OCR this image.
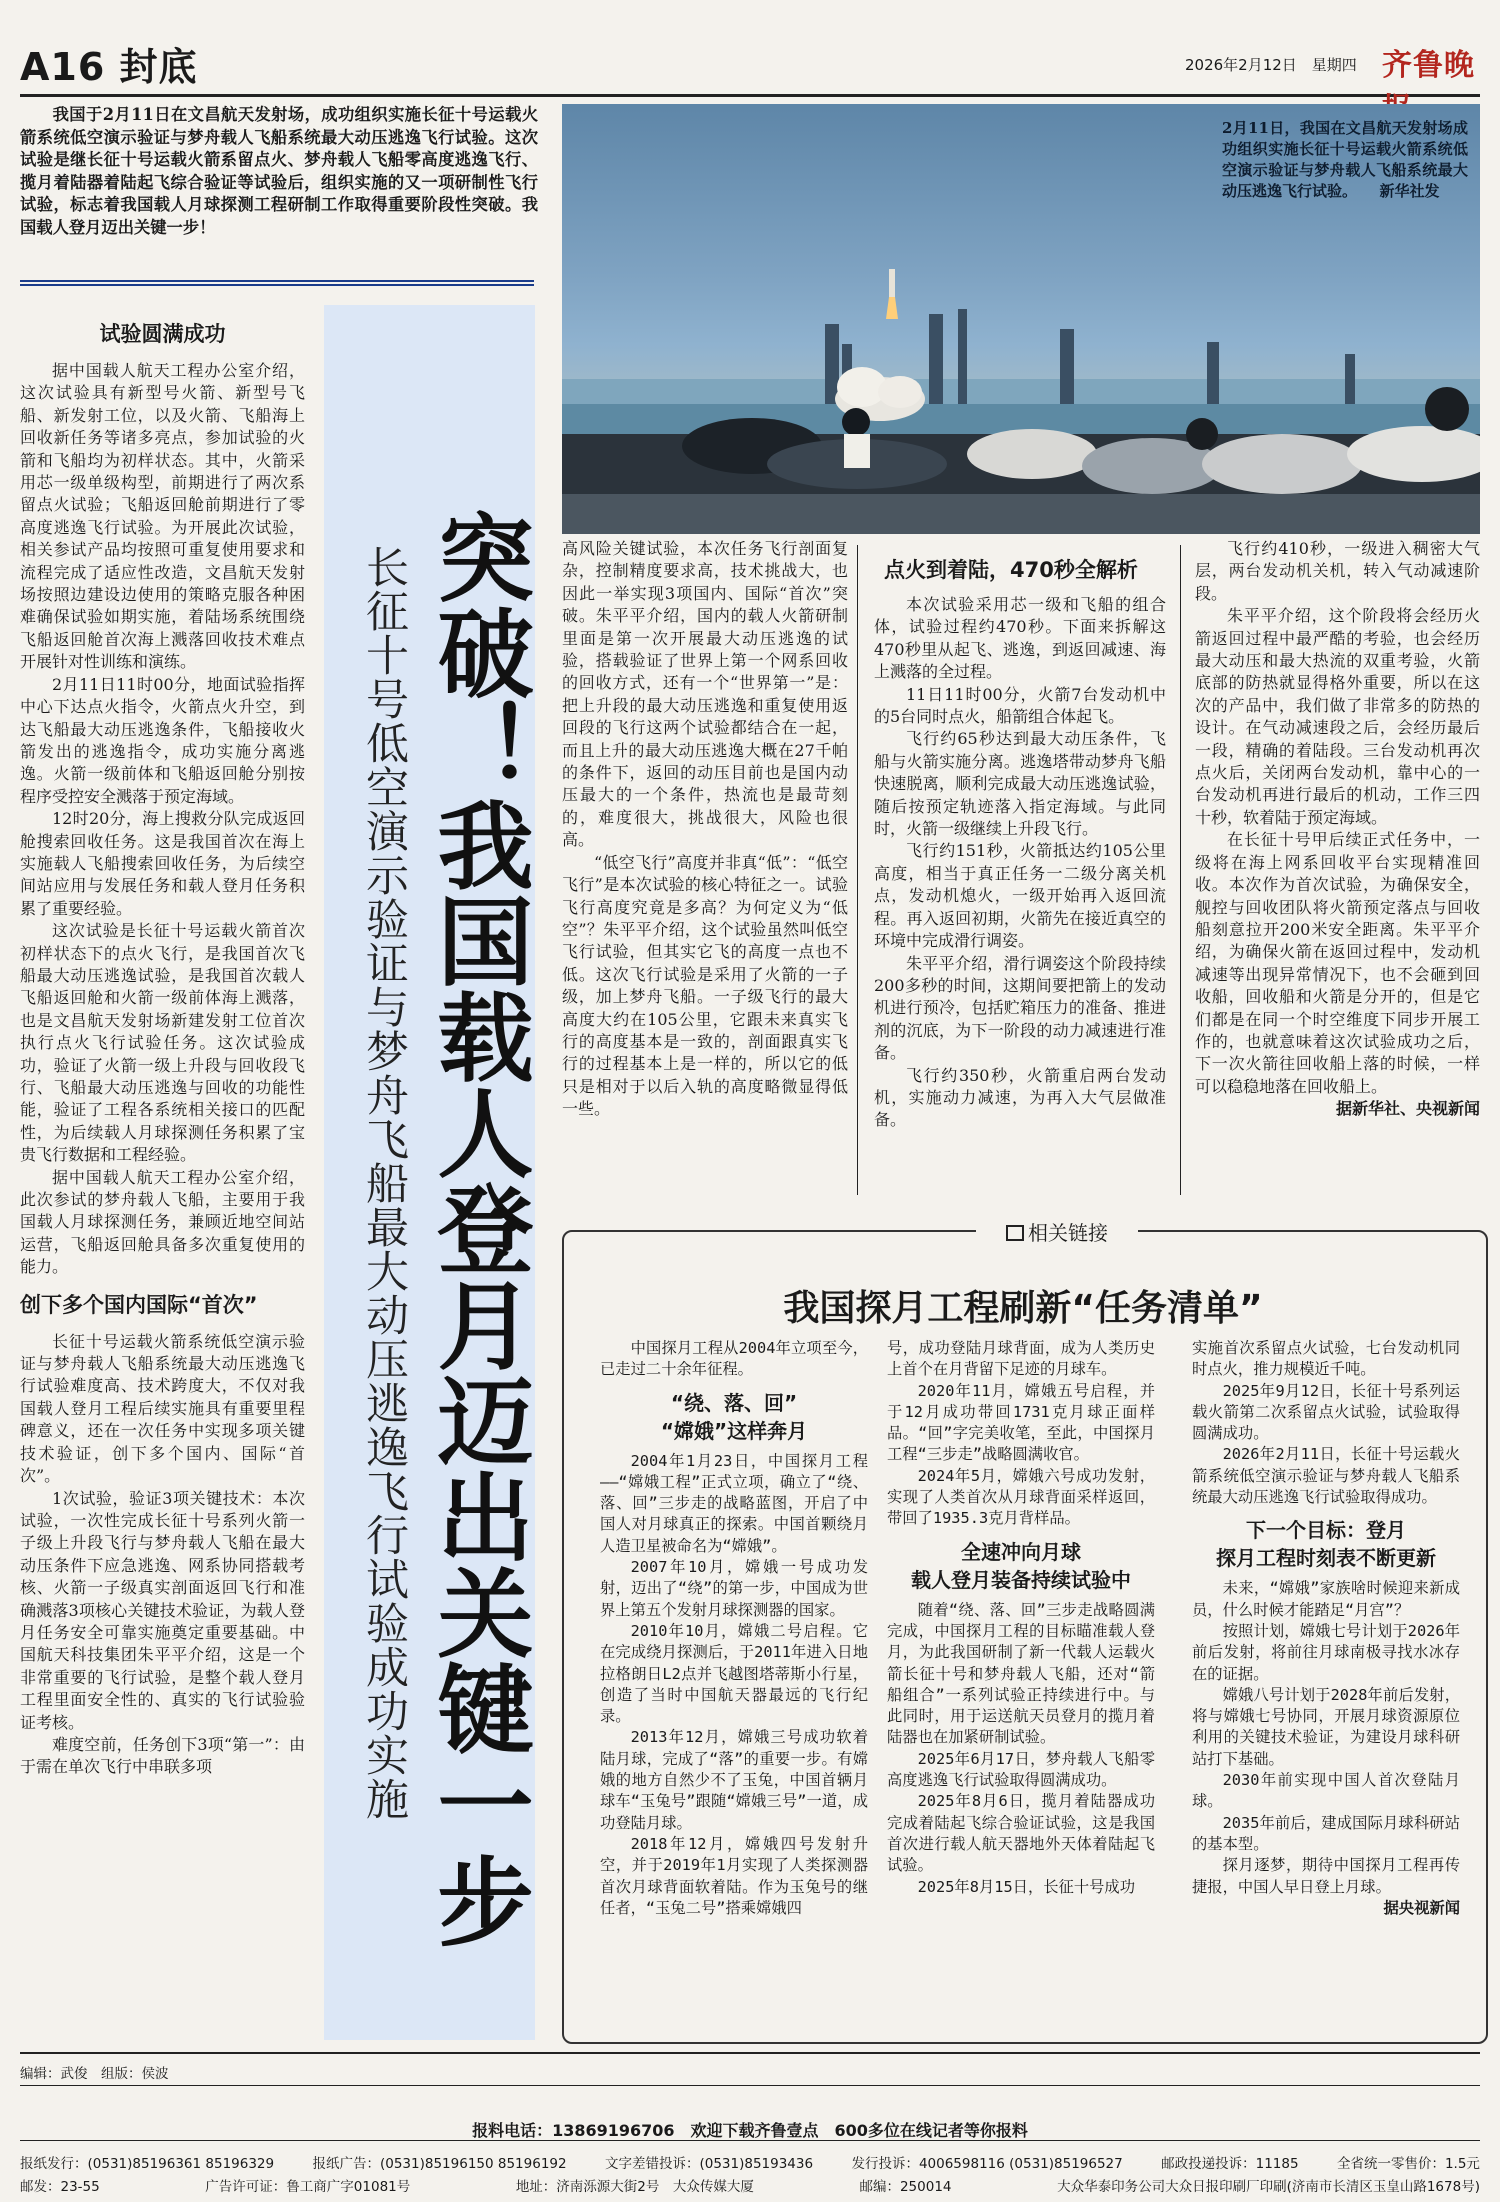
A16 封底	2026年2月12日　星期四 齐鲁晚
我国于2月11日在文昌航天发射场，成功组织实施长征十号运载火箭系统低空演示验证与梦舟载人飞船系统最大动压逃逸飞行试验。这次试验是继长征十号运载火箭系留点火、梦舟载人飞船零高度逃逸飞行、揽月着陆器着陆起飞综合验证等试验后，组织实施的又一项研制性飞行试验，标志着我国载人月球探测工程研制工作取得重要阶段性突破。我国载人登月迈出关键一步！
2月11日，我国在文昌航天发射场成功组织实施长征十号运载火箭系统低空演示验证与梦舟载人飞船系统最大动压逃逸飞行试验。　　新华社发
突破！我国载人登月迈出关键一步
长征十号低空演示验证与梦舟飞船最大动压逃逸飞行试验成功实施
试验圆满成功

据中国载人航天工程办公室介绍，这次试验具有新型号火箭、新型号飞船、新发射工位，以及火箭、飞船海上回收新任务等诸多亮点，参加试验的火箭和飞船均为初样状态。其中，火箭采用芯一级单级构型，前期进行了两次系留点火试验；飞船返回舱前期进行了零高度逃逸飞行试验。为开展此次试验，相关参试产品均按照可重复使用要求和流程完成了适应性改造，文昌航天发射场按照边建设边使用的策略克服各种困难确保试验如期实施，着陆场系统围绕飞船返回舱首次海上溅落回收技术难点开展针对性训练和演练。

2月11日11时00分，地面试验指挥中心下达点火指令，火箭点火升空，到达飞船最大动压逃逸条件，飞船接收火箭发出的逃逸指令，成功实施分离逃逸。火箭一级前体和飞船返回舱分别按程序受控安全溅落于预定海域。

12时20分，海上搜救分队完成返回舱搜索回收任务。这是我国首次在海上实施载人飞船搜索回收任务，为后续空间站应用与发展任务和载人登月任务积累了重要经验。

这次试验是长征十号运载火箭首次初样状态下的点火飞行，是我国首次飞船最大动压逃逸试验，是我国首次载人飞船返回舱和火箭一级前体海上溅落，也是文昌航天发射场新建发射工位首次执行点火飞行试验任务。这次试验成功，验证了火箭一级上升段与回收段飞行、飞船最大动压逃逸与回收的功能性能，验证了工程各系统相关接口的匹配性，为后续载人月球探测任务积累了宝贵飞行数据和工程经验。

据中国载人航天工程办公室介绍，此次参试的梦舟载人飞船，主要用于我国载人月球探测任务，兼顾近地空间站运营，飞船返回舱具备多次重复使用的能力。

创下多个国内国际“首次”

长征十号运载火箭系统低空演示验证与梦舟载人飞船系统最大动压逃逸飞行试验难度高、技术跨度大，不仅对我国载人登月工程后续实施具有重要里程碑意义，还在一次任务中实现多项关键技术验证，创下多个国内、国际“首次”。

1次试验，验证3项关键技术：本次试验，一次性完成长征十号系列火箭一子级上升段飞行与梦舟载人飞船在最大动压条件下应急逃逸、网系协同搭载考核、火箭一子级真实剖面返回飞行和准确溅落3项核心关键技术验证，为载人登月任务安全可靠实施奠定重要基础。中国航天科技集团朱平平介绍，这是一个非常重要的飞行试验，是整个载人登月工程里面安全性的、真实的飞行试验验证考核。

难度空前，任务创下3项“第一”：由于需在单次飞行中串联多项

高风险关键试验，本次任务飞行剖面复杂，控制精度要求高，技术挑战大，也因此一举实现3项国内、国际“首次”突破。朱平平介绍，国内的载人火箭研制里面是第一次开展最大动压逃逸的试验，搭载验证了世界上第一个网系回收的回收方式，还有一个“世界第一”是：把上升段的最大动压逃逸和重复使用返回段的飞行这两个试验都结合在一起，而且上升的最大动压逃逸大概在27千帕的条件下，返回的动压目前也是国内动压最大的一个条件，热流也是最苛刻的，难度很大，挑战很大，风险也很高。

“低空飞行”高度并非真“低”：“低空飞行”是本次试验的核心特征之一。试验飞行高度究竟是多高？为何定义为“低空”？朱平平介绍，这个试验虽然叫低空飞行试验，但其实它飞的高度一点也不低。这次飞行试验是采用了火箭的一子级，加上梦舟飞船。一子级飞行的最大高度大约在105公里，它跟未来真实飞行的高度基本是一致的，剖面跟真实飞行的过程基本上是一样的，所以它的低只是相对于以后入轨的高度略微显得低一些。

点火到着陆，470秒全解析

本次试验采用芯一级和飞船的组合体，试验过程约470秒。下面来拆解这470秒里从起飞、逃逸，到返回减速、海上溅落的全过程。

11日11时00分，火箭7台发动机中的5台同时点火，船箭组合体起飞。

飞行约65秒达到最大动压条件，飞船与火箭实施分离。逃逸塔带动梦舟飞船快速脱离，顺利完成最大动压逃逸试验，随后按预定轨迹落入指定海域。与此同时，火箭一级继续上升段飞行。

飞行约151秒，火箭抵达约105公里高度，相当于真正任务一二级分离关机点，发动机熄火，一级开始再入返回流程。再入返回初期，火箭先在接近真空的环境中完成滑行调姿。

朱平平介绍，滑行调姿这个阶段持续200多秒的时间，这期间要把箭上的发动机进行预冷，包括贮箱压力的准备、推进剂的沉底，为下一阶段的动力减速进行准备。

飞行约350秒，火箭重启两台发动机，实施动力减速，为再入大气层做准备。

飞行约410秒，一级进入稠密大气层，两台发动机关机，转入气动减速阶段。

朱平平介绍，这个阶段将会经历火箭返回过程中最严酷的考验，也会经历最大动压和最大热流的双重考验，火箭底部的防热就显得格外重要，所以在这次的产品中，我们做了非常多的防热的设计。在气动减速段之后，会经历最后一段，精确的着陆段。三台发动机再次点火后，关闭两台发动机，靠中心的一台发动机再进行最后的机动，工作三四十秒，软着陆于预定海域。

在长征十号甲后续正式任务中，一级将在海上网系回收平台实现精准回收。本次作为首次试验，为确保安全，舰控与回收团队将火箭预定落点与回收船刻意拉开200米安全距离。朱平平介绍，为确保火箭在返回过程中，发动机减速等出现异常情况下，也不会砸到回收船，回收船和火箭是分开的，但是它们都是在同一个时空维度下同步开展工作的，也就意味着这次试验成功之后，下一次火箭往回收船上落的时候，一样可以稳稳地落在回收船上。

据新华社、央视新闻
相关链接
我国探月工程刷新“任务清单”

中国探月工程从2004年立项至今，已走过二十余年征程。

“绕、落、回”
“嫦娥”这样奔月

2004年1月23日，中国探月工程——“嫦娥工程”正式立项，确立了“绕、落、回”三步走的战略蓝图，开启了中国人对月球真正的探索。中国首颗绕月人造卫星被命名为“嫦娥”。

2007年10月，嫦娥一号成功发射，迈出了“绕”的第一步，中国成为世界上第五个发射月球探测器的国家。

2010年10月，嫦娥二号启程。它在完成绕月探测后，于2011年进入日地拉格朗日L2点并飞越图塔蒂斯小行星，创造了当时中国航天器最远的飞行纪录。

2013年12月，嫦娥三号成功软着陆月球，完成了“落”的重要一步。有嫦娥的地方自然少不了玉兔，中国首辆月球车“玉兔号”跟随“嫦娥三号”一道，成功登陆月球。

2018年12月，嫦娥四号发射升空，并于2019年1月实现了人类探测器首次月球背面软着陆。作为玉兔号的继任者，“玉兔二号”搭乘嫦娥四

号，成功登陆月球背面，成为人类历史上首个在月背留下足迹的月球车。

2020年11月，嫦娥五号启程，并于12月成功带回1731克月球正面样品。“回”字完美收笔，至此，中国探月工程“三步走”战略圆满收官。

2024年5月，嫦娥六号成功发射，实现了人类首次从月球背面采样返回，带回了1935.3克月背样品。

全速冲向月球
载人登月装备持续试验中

随着“绕、落、回”三步走战略圆满完成，中国探月工程的目标瞄准载人登月，为此我国研制了新一代载人运载火箭长征十号和梦舟载人飞船，还对“箭船组合”一系列试验正持续进行中。与此同时，用于运送航天员登月的揽月着陆器也在加紧研制试验。

2025年6月17日，梦舟载人飞船零高度逃逸飞行试验取得圆满成功。

2025年8月6日，揽月着陆器成功完成着陆起飞综合验证试验，这是我国首次进行载人航天器地外天体着陆起飞试验。

2025年8月15日，长征十号成功

实施首次系留点火试验，七台发动机同时点火，推力规模近千吨。

2025年9月12日，长征十号系列运载火箭第二次系留点火试验，试验取得圆满成功。

2026年2月11日，长征十号运载火箭系统低空演示验证与梦舟载人飞船系统最大动压逃逸飞行试验取得成功。

下一个目标：登月
探月工程时刻表不断更新

未来，“嫦娥”家族啥时候迎来新成员，什么时候才能踏足“月宫”？

按照计划，嫦娥七号计划于2026年前后发射，将前往月球南极寻找水冰存在的证据。

嫦娥八号计划于2028年前后发射，将与嫦娥七号协同，开展月球资源原位利用的关键技术验证，为建设月球科研站打下基础。

2030年前实现中国人首次登陆月球。

2035年前后，建成国际月球科研站的基本型。

探月逐梦，期待中国探月工程再传捷报，中国人早日登上月球。

据央视新闻
编辑：武俊　组版：侯波
报料电话：13869196706　欢迎下载齐鲁壹点　600多位在线记者等你报料
报纸发行：(0531)85196361 85196329	报纸广告：(0531)85196150 85196192	文字差错投诉：(0531)85193436	发行投诉：4006598116 (0531)85196527	邮政投递投诉：11185	全省统一零售价：1.5元
邮发：23-55	广告许可证：鲁工商广字01081号	地址：济南泺源大街2号　大众传媒大厦	邮编：250014	大众华泰印务公司大众日报印刷厂印刷(济南市长清区玉皇山路1678号)
